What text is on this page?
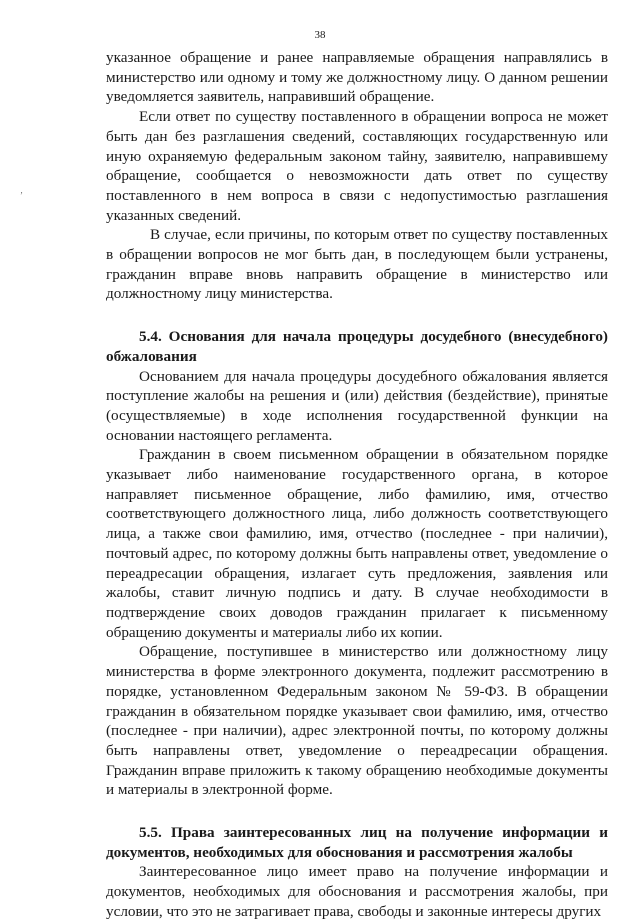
38
‚

указанное обращение и ранее направляемые обращения направлялись в министерство или одному и тому же должностному лицу. О данном решении уведомляется заявитель, направивший обращение.

Если ответ по существу поставленного в обращении вопроса не может быть дан без разглашения сведений, составляющих государственную или иную охраняемую федеральным законом тайну, заявителю, направившему обращение, сообщается о невозможности дать ответ по существу поставленного в нем вопроса в связи с недопустимостью разглашения указанных сведений.

В случае, если причины, по которым ответ по существу поставленных в обращении вопросов не мог быть дан, в последующем были устранены, гражданин вправе вновь направить обращение в министерство или должностному лицу министерства.

5.4. Основания для начала процедуры досудебного (внесудебного) обжалования

Основанием для начала процедуры досудебного обжалования является поступление жалобы на решения и (или) действия (бездействие), принятые (осуществляемые) в ходе исполнения государственной функции на основании настоящего регламента.

Гражданин в своем письменном обращении в обязательном порядке указывает либо наименование государственного органа, в которое направляет письменное обращение, либо фамилию, имя, отчество соответствующего должностного лица, либо должность соответствующего лица, а также свои фамилию, имя, отчество (последнее - при наличии), почтовый адрес, по которому должны быть направлены ответ, уведомление о переадресации обращения, излагает суть предложения, заявления или жалобы, ставит личную подпись и дату. В случае необходимости в подтверждение своих доводов гражданин прилагает к письменному обращению документы и материалы либо их копии.

Обращение, поступившее в министерство или должностному лицу министерства в форме электронного документа, подлежит рассмотрению в порядке, установленном Федеральным законом № 59-ФЗ. В обращении гражданин в обязательном порядке указывает свои фамилию, имя, отчество (последнее - при наличии), адрес электронной почты, по которому должны быть направлены ответ, уведомление о переадресации обращения. Гражданин вправе приложить к такому обращению необходимые документы и материалы в электронной форме.

5.5. Права заинтересованных лиц на получение информации и документов, необходимых для обоснования и рассмотрения жалобы

Заинтересованное лицо имеет право на получение информации и документов, необходимых для обоснования и рассмотрения жалобы, при условии, что это не затрагивает права, свободы и законные интересы других
